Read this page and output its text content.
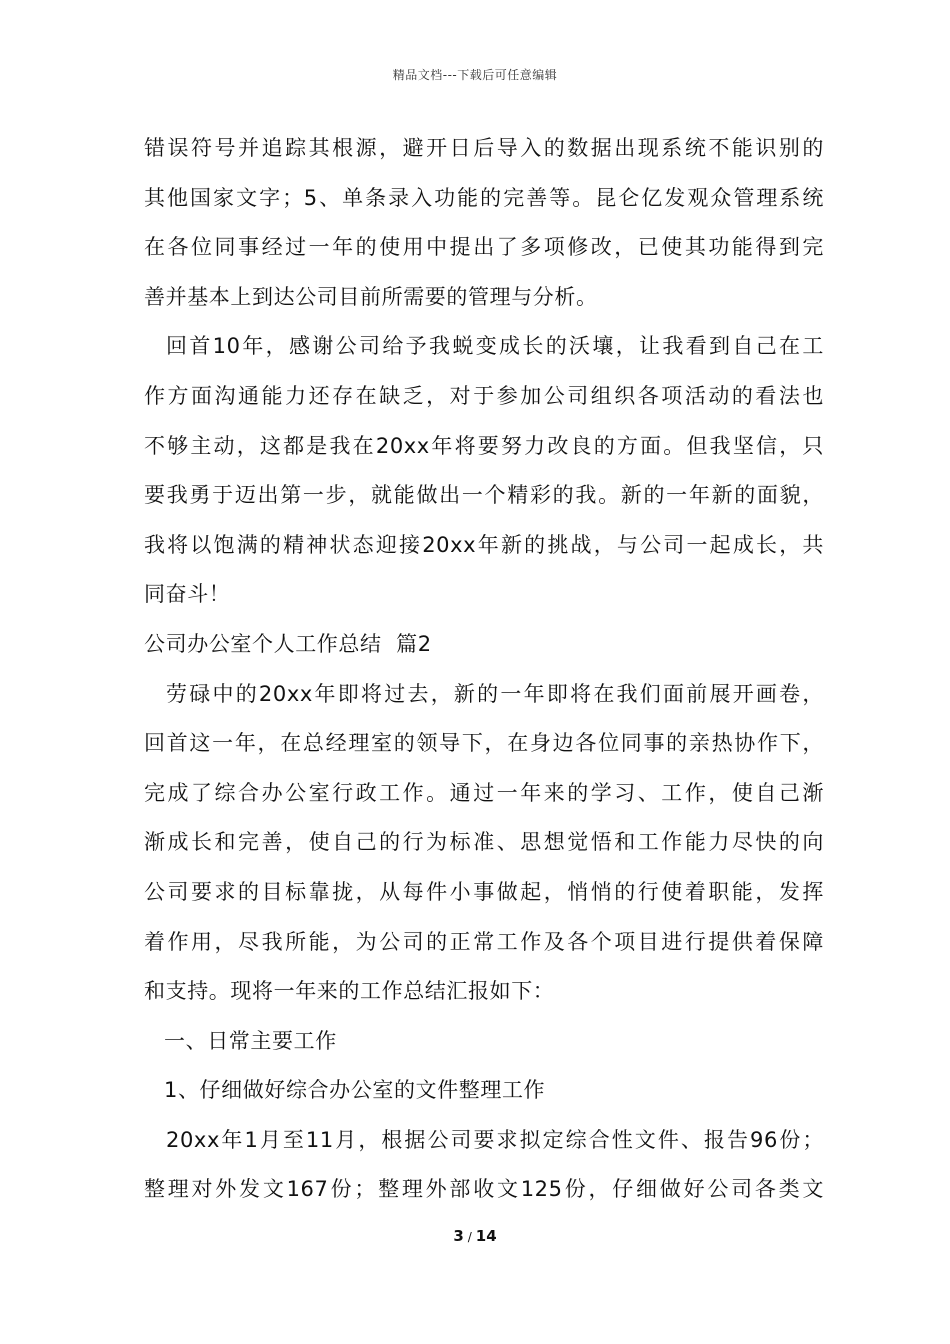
精品文档---下载后可任意编辑
错误符号并追踪其根源，避开日后导入的数据出现系统不能识别的
其他国家文字；5、单条录入功能的完善等。昆仑亿发观众管理系统
在各位同事经过一年的使用中提出了多项修改，已使其功能得到完
善并基本上到达公司目前所需要的管理与分析。
回首10年，感谢公司给予我蜕变成长的沃壤，让我看到自己在工
作方面沟通能力还存在缺乏，对于参加公司组织各项活动的看法也
不够主动，这都是我在20xx年将要努力改良的方面。但我坚信，只
要我勇于迈出第一步，就能做出一个精彩的我。新的一年新的面貌，
我将以饱满的精神状态迎接20xx年新的挑战，与公司一起成长，共
同奋斗！
公司办公室个人工作总结  篇2
劳碌中的20xx年即将过去，新的一年即将在我们面前展开画卷，
回首这一年，在总经理室的领导下，在身边各位同事的亲热协作下，
完成了综合办公室行政工作。通过一年来的学习、工作，使自己渐
渐成长和完善，使自己的行为标准、思想觉悟和工作能力尽快的向
公司要求的目标靠拢，从每件小事做起，悄悄的行使着职能，发挥
着作用，尽我所能，为公司的正常工作及各个项目进行提供着保障
和支持。现将一年来的工作总结汇报如下：
一、日常主要工作
1、仔细做好综合办公室的文件整理工作
20xx年1月至11月，根据公司要求拟定综合性文件、报告96份；
整理对外发文167份；整理外部收文125份，仔细做好公司各类文
3 / 14
